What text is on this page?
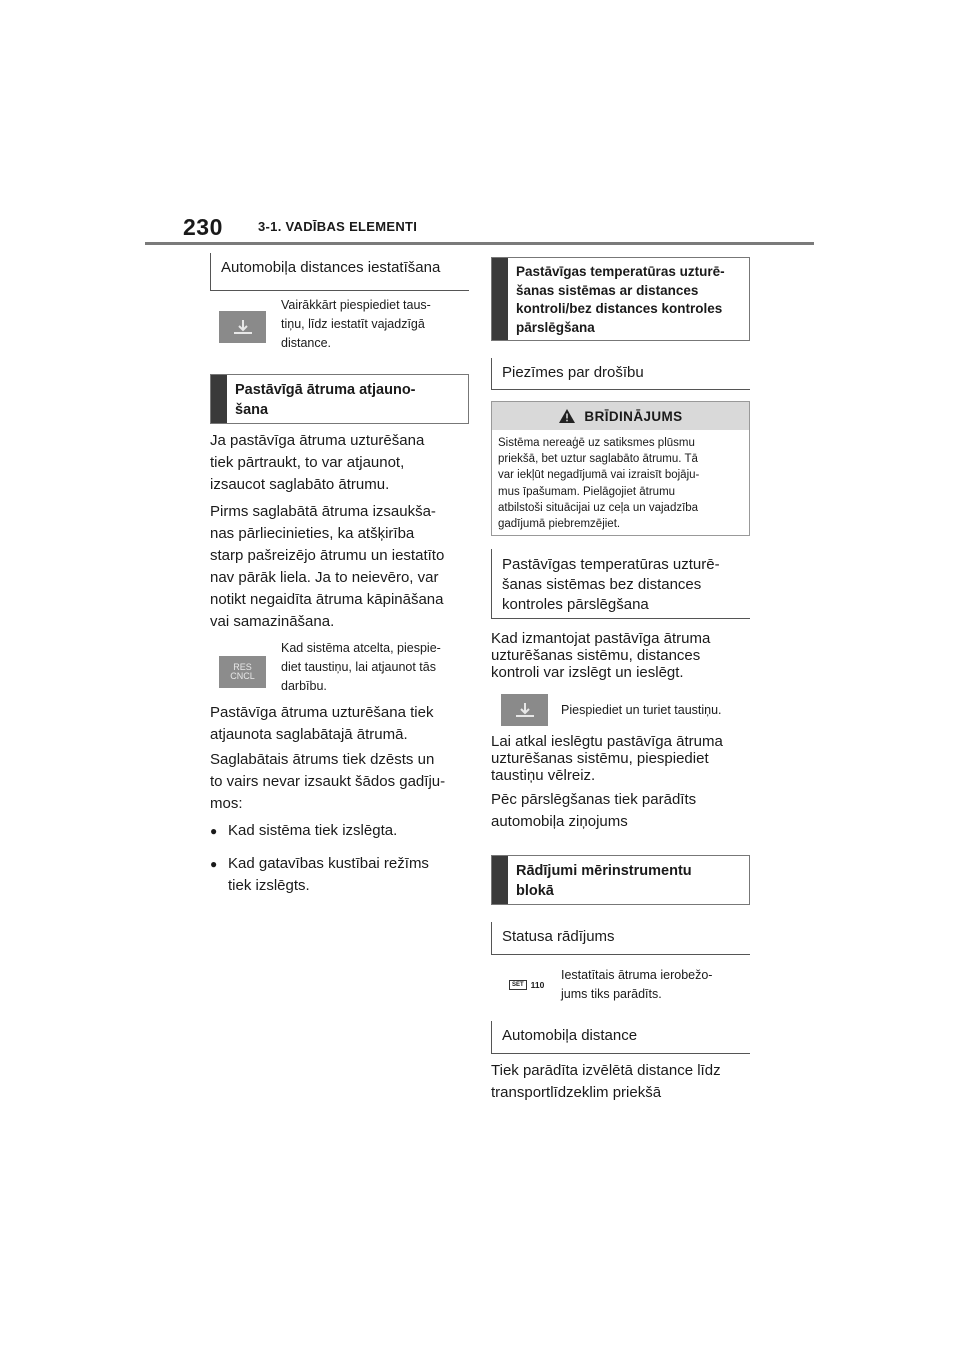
230	3-1. VADĪBAS ELEMENTI
Automobiļa distances iestatīšana
Vairākkārt piespiediet taus-
tiņu, līdz iestatīt vajadzīgā
distance.
Pastāvīgā ātruma atjauno-
šana
Ja pastāvīga ātruma uzturēšana
tiek pārtraukt, to var atjaunot,
izsaucot saglabāto ātrumu.
Pirms saglabātā ātruma izsaukša-
nas pārliecinieties, ka atšķirība
starp pašreizējo ātrumu un iestatīto
nav pārāk liela. Ja to neievēro, var
notikt negaidīta ātruma kāpināšana
vai samazināšana.
RES
CNCL
Kad sistēma atcelta, piespie-
diet taustiņu, lai atjaunot tās
darbību.
Pastāvīga ātruma uzturēšana tiek
atjaunota saglabātajā ātrumā.
Saglabātais ātrums tiek dzēsts un
to vairs nevar izsaukt šādos gadīju-
mos:
● Kad sistēma tiek izslēgta.
● Kad gatavības kustībai režīms
tiek izslēgts.
Pastāvīgas temperatūras uzturē-
šanas sistēmas ar distances
kontroli/bez distances kontroles
pārslēgšana
Piezīmes par drošību
BRĪDINĀJUMS
Sistēma nereaģē uz satiksmes plūsmu
priekšā, bet uztur saglabāto ātrumu. Tā
var iekļūt negadījumā vai izraisīt bojāju-
mus īpašumam. Pielāgojiet ātrumu
atbilstoši situācijai uz ceļa un vajadzība
gadījumā piebremzējiet.
Pastāvīgas temperatūras uzturē-
šanas sistēmas bez distances
kontroles pārslēgšana
Kad izmantojat pastāvīga ātruma
uzturēšanas sistēmu, distances
kontroli var izslēgt un ieslēgt.
Piespiediet un turiet taustiņu.
Lai atkal ieslēgtu pastāvīga ātruma
uzturēšanas sistēmu, piespiediet
taustiņu vēlreiz.
Pēc pārslēgšanas tiek parādīts
automobiļa ziņojums
Rādījumi mērinstrumentu
blokā
Statusa rādījums
SET 110
Iestatītais ātruma ierobežo-
jums tiks parādīts.
Automobiļa distance
Tiek parādīta izvēlētā distance līdz
transportlīdzeklim priekšā
